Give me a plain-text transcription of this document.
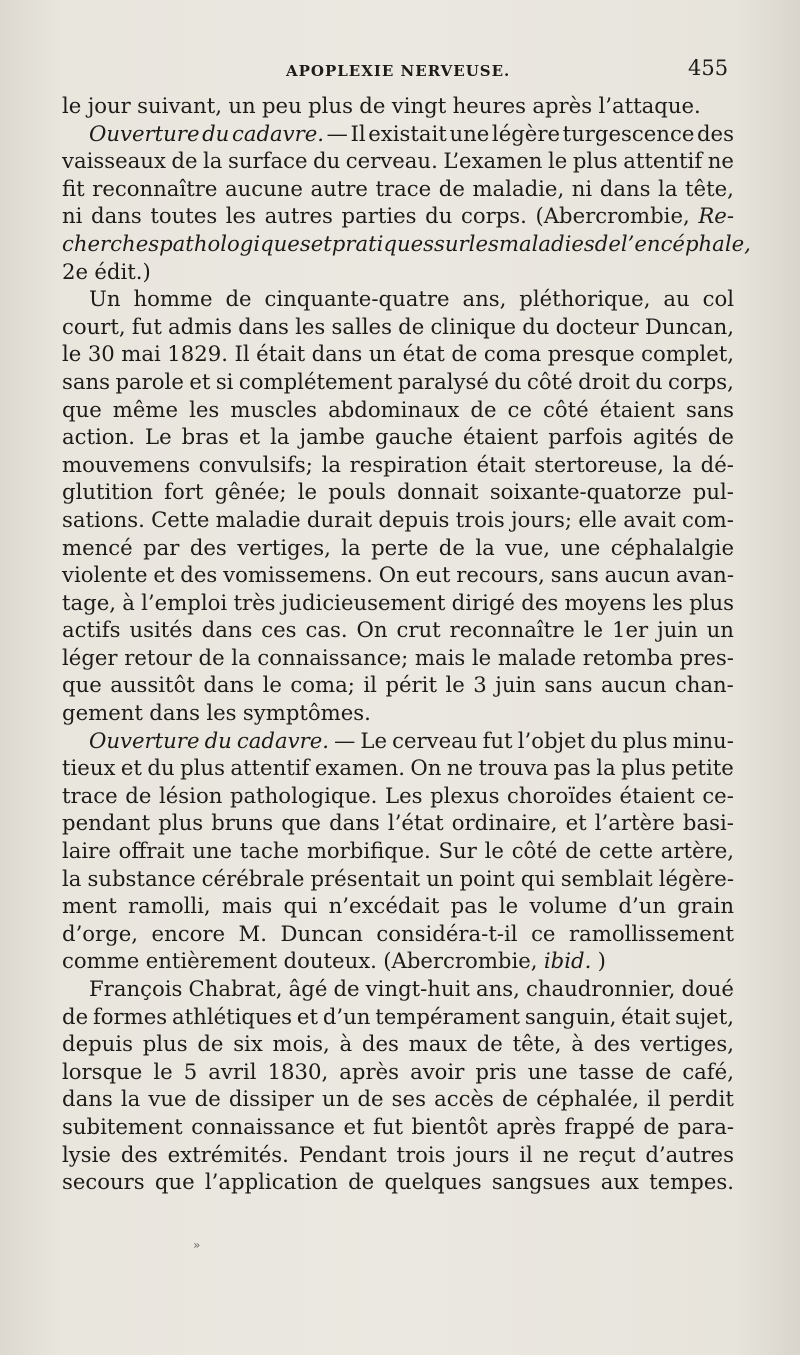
APOPLEXIE NERVEUSE.	455
le jour suivant, un peu plus de vingt heures après l’attaque.
Ouverture du cadavre. — Il existait une légère turgescence des
vaisseaux de la surface du cerveau. L’examen le plus attentif ne
fit reconnaître aucune autre trace de maladie, ni dans la tête,
ni dans toutes les autres parties du corps. (Abercrombie, Re-
cherches pathologiques et pratiques sur les maladies de l’encéphale,
2e édit.)
Un homme de cinquante-quatre ans, pléthorique, au col
court, fut admis dans les salles de clinique du docteur Duncan,
le 30 mai 1829. Il était dans un état de coma presque complet,
sans parole et si complétement paralysé du côté droit du corps,
que même les muscles abdominaux de ce côté étaient sans
action. Le bras et la jambe gauche étaient parfois agités de
mouvemens convulsifs; la respiration était stertoreuse, la dé-
glutition fort gênée; le pouls donnait soixante-quatorze pul-
sations. Cette maladie durait depuis trois jours; elle avait com-
mencé par des vertiges, la perte de la vue, une céphalalgie
violente et des vomissemens. On eut recours, sans aucun avan-
tage, à l’emploi très judicieusement dirigé des moyens les plus
actifs usités dans ces cas. On crut reconnaître le 1er juin un
léger retour de la connaissance; mais le malade retomba pres-
que aussitôt dans le coma; il périt le 3 juin sans aucun chan-
gement dans les symptômes.
Ouverture du cadavre. — Le cerveau fut l’objet du plus minu-
tieux et du plus attentif examen. On ne trouva pas la plus petite
trace de lésion pathologique. Les plexus choroïdes étaient ce-
pendant plus bruns que dans l’état ordinaire, et l’artère basi-
laire offrait une tache morbifique. Sur le côté de cette artère,
la substance cérébrale présentait un point qui semblait légère-
ment ramolli, mais qui n’excédait pas le volume d’un grain
d’orge, encore M. Duncan considéra-t-il ce ramollissement
comme entièrement douteux. (Abercrombie, ibid. )
François Chabrat, âgé de vingt-huit ans, chaudronnier, doué
de formes athlétiques et d’un tempérament sanguin, était sujet,
depuis plus de six mois, à des maux de tête, à des vertiges,
lorsque le 5 avril 1830, après avoir pris une tasse de café,
dans la vue de dissiper un de ses accès de céphalée, il perdit
subitement connaissance et fut bientôt après frappé de para-
lysie des extrémités. Pendant trois jours il ne reçut d’autres
secours que l’application de quelques sangsues aux tempes.
»
